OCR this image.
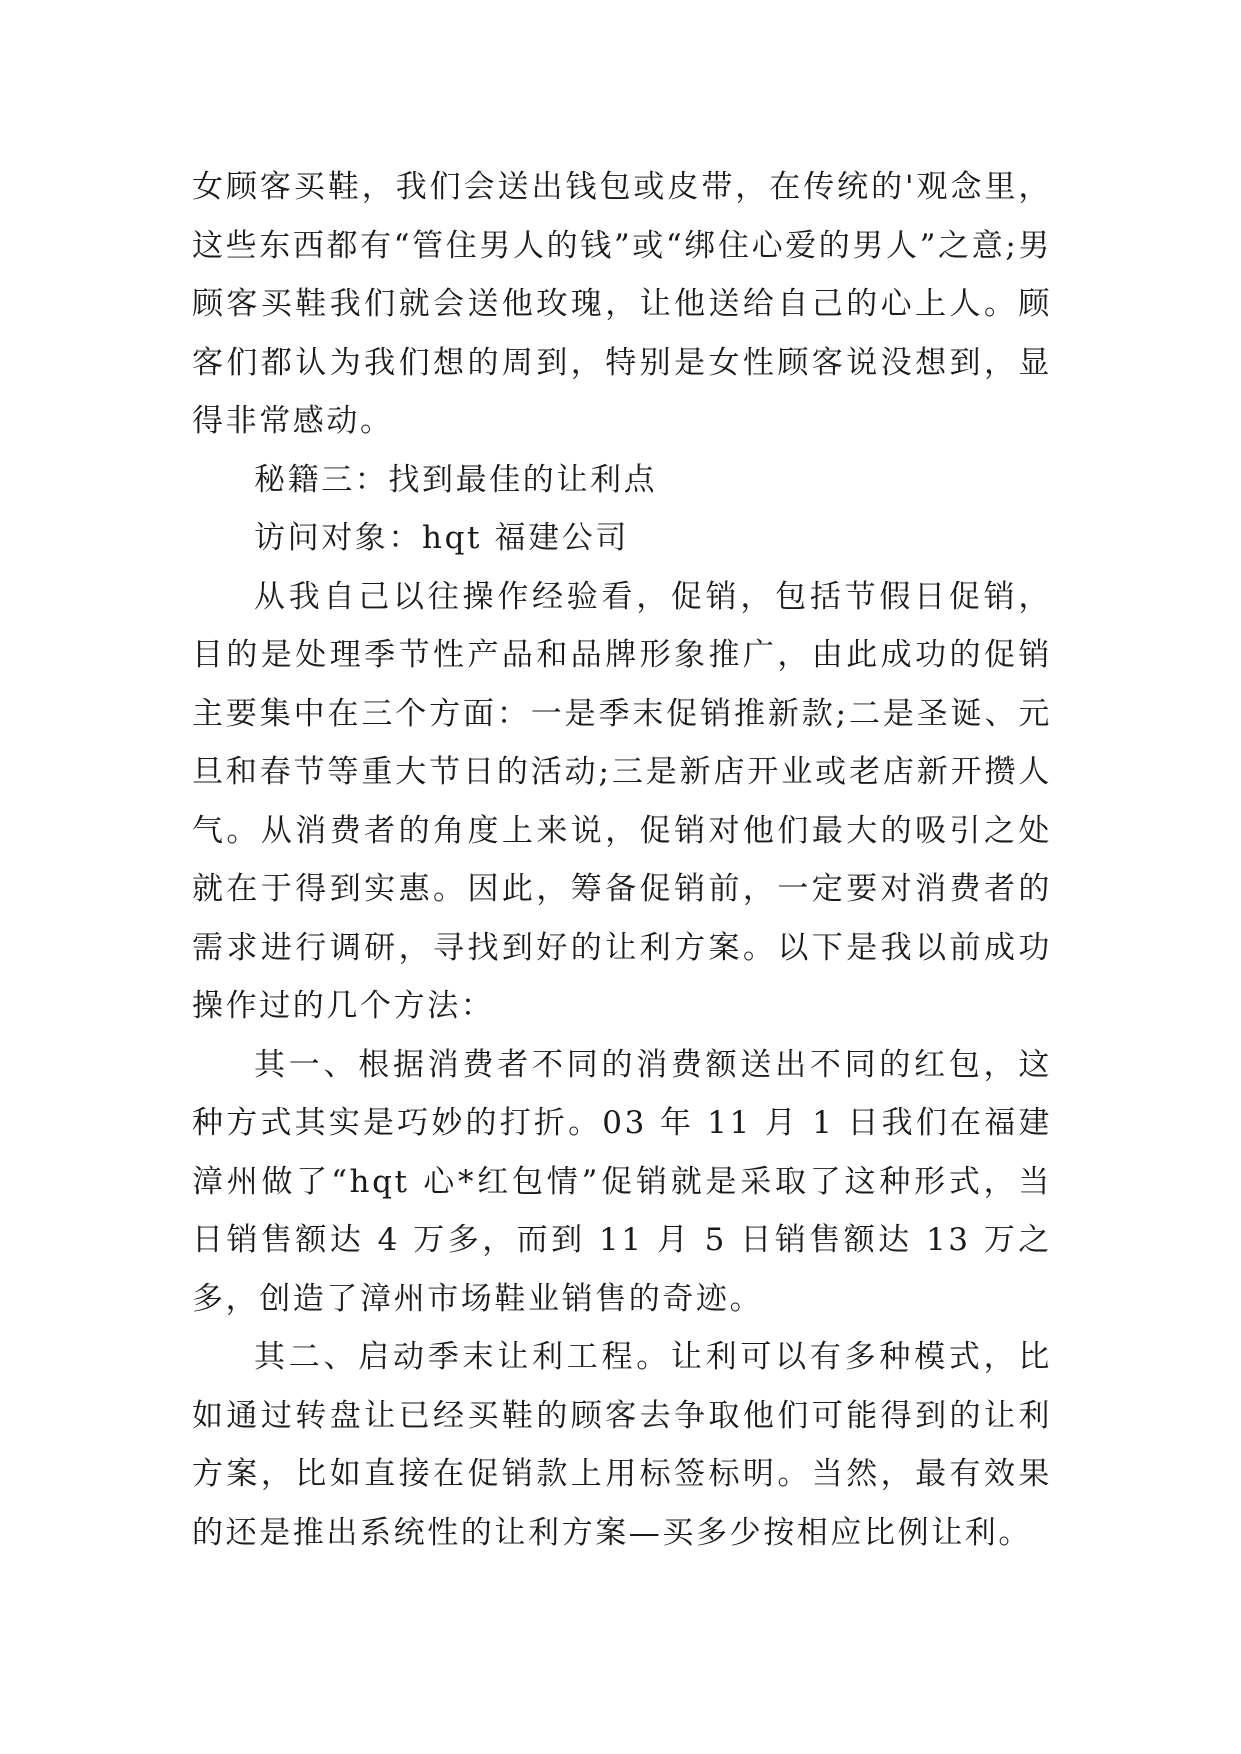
女顾客买鞋，我们会送出钱包或皮带，在传统的'观念里，这些东西都有“管住男人的钱”或“绑住心爱的男人”之意;男顾客买鞋我们就会送他玫瑰，让他送给自己的心上人。顾客们都认为我们想的周到，特别是女性顾客说没想到，显得非常感动。

秘籍三：找到最佳的让利点

访问对象：hqt 福建公司

从我自己以往操作经验看，促销，包括节假日促销，目的是处理季节性产品和品牌形象推广，由此成功的促销主要集中在三个方面：一是季末促销推新款;二是圣诞、元旦和春节等重大节日的活动;三是新店开业或老店新开攒人气。从消费者的角度上来说，促销对他们最大的吸引之处就在于得到实惠。因此，筹备促销前，一定要对消费者的需求进行调研，寻找到好的让利方案。以下是我以前成功操作过的几个方法：

其一、根据消费者不同的消费额送出不同的红包，这种方式其实是巧妙的打折。03 年 11 月 1 日我们在福建漳州做了“hqt 心*红包情”促销就是采取了这种形式，当日销售额达 4 万多，而到 11 月 5 日销售额达 13 万之多，创造了漳州市场鞋业销售的奇迹。

其二、启动季末让利工程。让利可以有多种模式，比如通过转盘让已经买鞋的顾客去争取他们可能得到的让利方案，比如直接在促销款上用标签标明。当然，最有效果的还是推出系统性的让利方案—买多少按相应比例让利。
